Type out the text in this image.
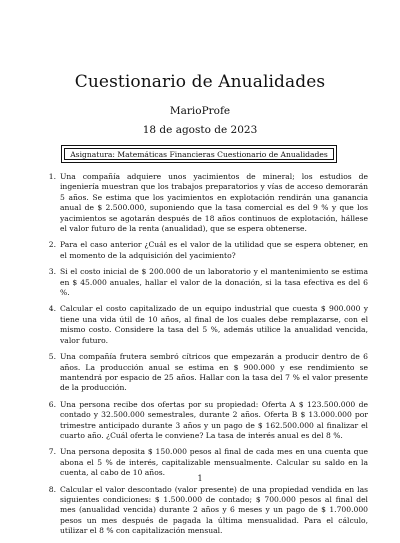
Cuestionario de Anualidades
MarioProfe
18 de agosto de 2023
Asignatura: Matemáticas Financieras Cuestionario de Anualidades
1. Una compañía adquiere unos yacimientos de mineral; los estudios de ingeniería muestran que los trabajos preparatorios y vías de acceso demorarán 5 años. Se estima que los yacimientos en explotación rendirán una ganancia anual de $ 2.500.000, suponiendo que la tasa comercial es del 9 % y que los yacimientos se agotarán después de 18 años continuos de explotación, hállese el valor futuro de la renta (anualidad), que se espera obtenerse.
2. Para el caso anterior ¿Cuál es el valor de la utilidad que se espera obtener, en el momento de la adquisición del yacimiento?
3. Si el costo inicial de $ 200.000 de un laboratorio y el mantenimiento se estima en $ 45.000 anuales, hallar el valor de la donación, si la tasa efectiva es del 6 %.
4. Calcular el costo capitalizado de un equipo industrial que cuesta $ 900.000 y tiene una vida útil de 10 años, al final de los cuales debe remplazarse, con el mismo costo. Considere la tasa del 5 %, además utilice la anualidad vencida, valor futuro.
5. Una compañía frutera sembró cítricos que empezarán a producir dentro de 6 años. La producción anual se estima en $ 900.000 y ese rendimiento se mantendrá por espacio de 25 años. Hallar con la tasa del 7 % el valor presente de la producción.
6. Una persona recibe dos ofertas por su propiedad: Oferta A $ 123.500.000 de contado y 32.500.000 semestrales, durante 2 años. Oferta B $ 13.000.000 por trimestre anticipado durante 3 años y un pago de $ 162.500.000 al finalizar el cuarto año. ¿Cuál oferta le conviene? La tasa de interés anual es del 8 %.
7. Una persona deposita $ 150.000 pesos al final de cada mes en una cuenta que abona el 5 % de interés, capitalizable mensualmente. Calcular su saldo en la cuenta, al cabo de 10 años.
8. Calcular el valor descontado (valor presente) de una propiedad vendida en las siguientes condiciones: $ 1.500.000 de contado; $ 700.000 pesos al final del mes (anualidad vencida) durante 2 años y 6 meses y un pago de $ 1.700.000 pesos un mes después de pagada la última mensualidad. Para el cálculo, utilizar el 8 % con capitalización mensual.
1
